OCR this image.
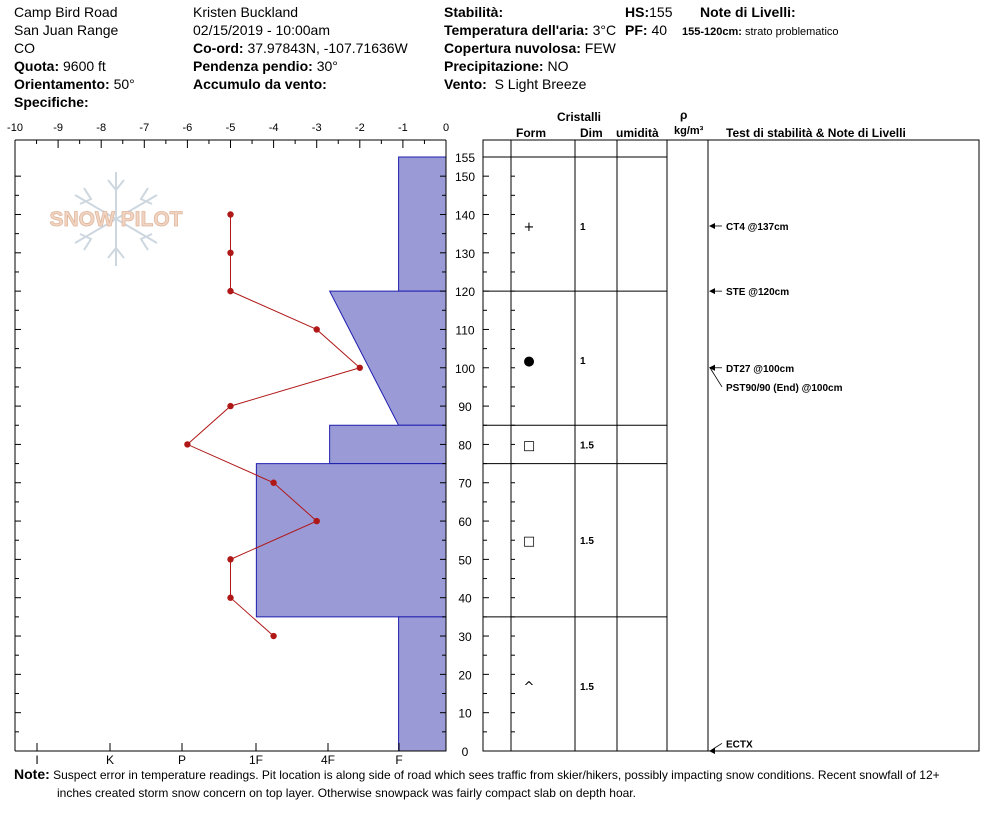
Camp Bird Road
San Juan Range
CO
Quota: 9600 ft
Orientamento: 50°
Specifiche:
Kristen Buckland
02/15/2019 - 10:00am
Co-ord: 37.97843N, -107.71636W
Pendenza pendio: 30°
Accumulo da vento:
Stabilità:
Temperatura dell'aria: 3°C
Copertura nuvolosa: FEW
Precipitazione: NO
Vento: S Light Breeze
HS:155
PF: 40
Note di Livelli:
155-120cm: strato problematico
SNOW PILOT
-10	-9	-8	-7	-6	-5	-4	-3	-2	-1	0
I	K	P	1F	4F	F
155
150
140
130
120
110
100
90
80
70
60
50
40
30
20
10
0
+	1
●	1
□	1.5
□	1.5
^	1.5
CT4 @137cm
STE @120cm
DT27 @100cm
PST90/90 (End) @100cm
ECTX
Cristalli
Form	Dim umidità
ρ
kg/m³ Test di stabilità & Note di Livelli
Note: Suspect error in temperature readings. Pit location is along side of road which sees traffic from skier/hikers, possibly impacting snow conditions. Recent snowfall of 12+
inches created storm snow concern on top layer. Otherwise snowpack was fairly compact slab on depth hoar.
